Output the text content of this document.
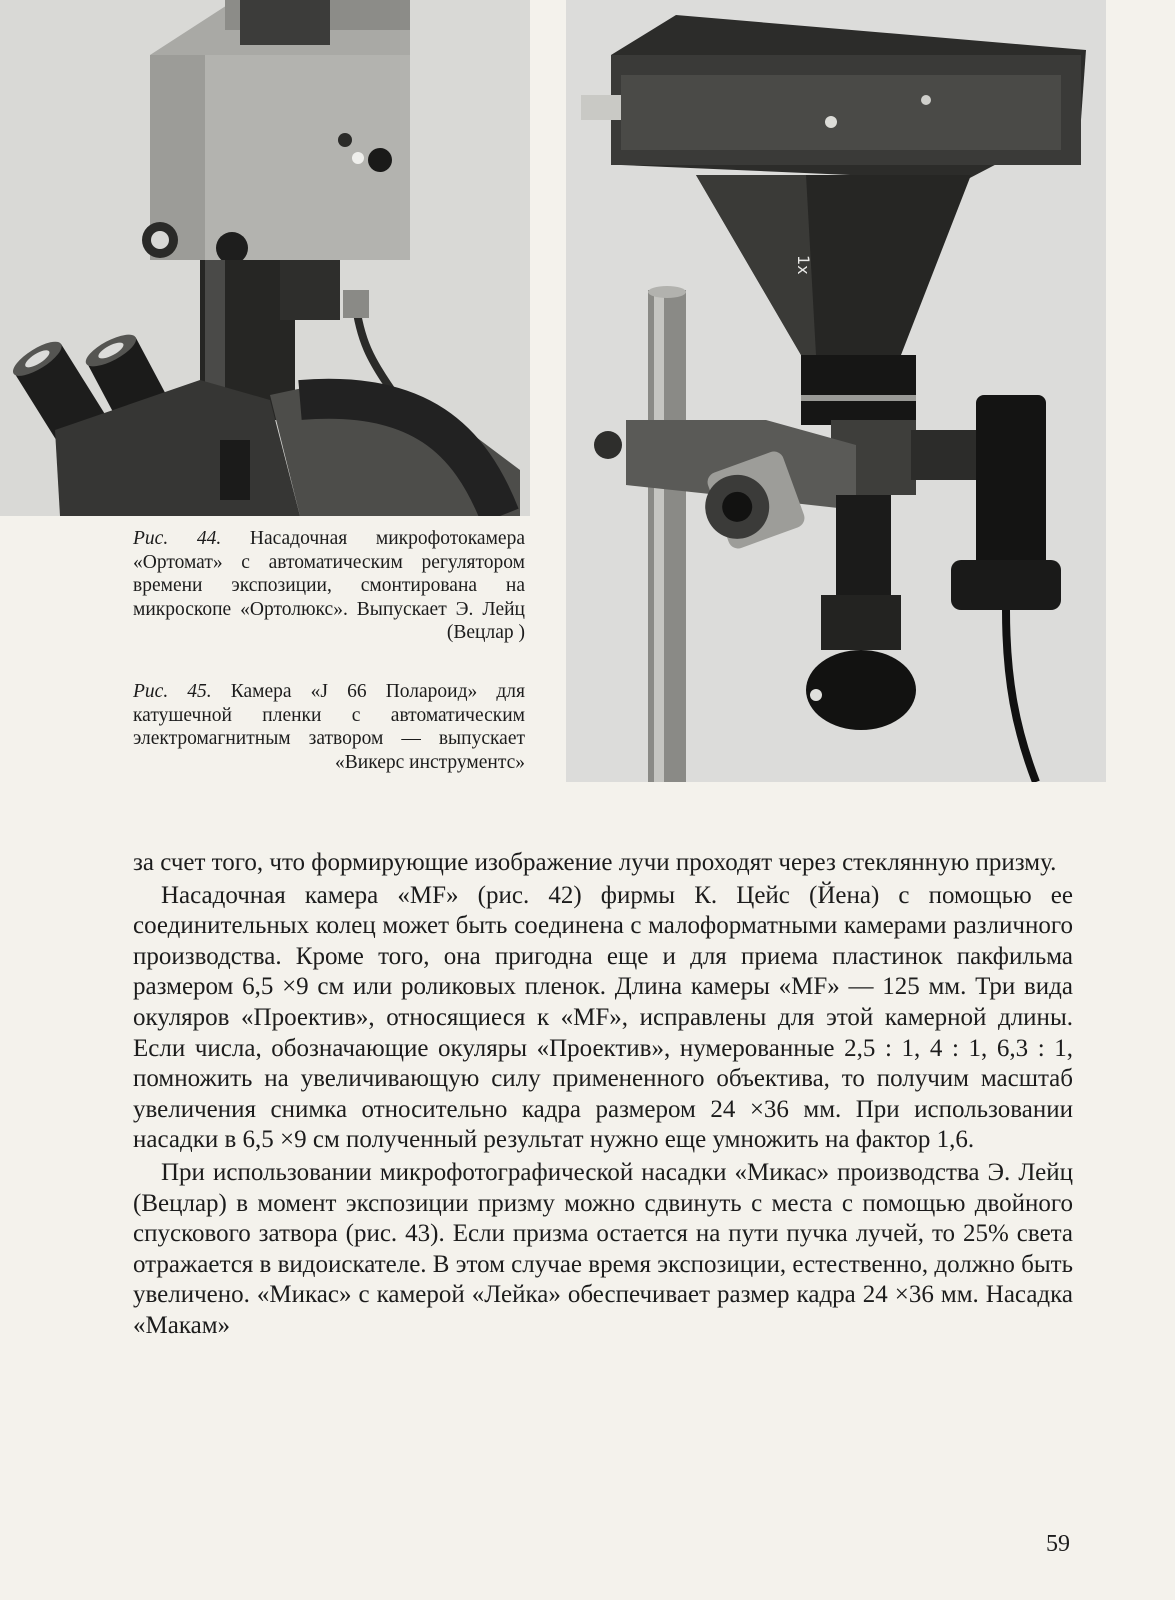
1x
Рис. 44. Насадочная микрофотокамера «Ортомат» с автоматическим регулятором времени экспозиции, смонтирована на микроскопе «Ортолюкс». Выпускает Э. Лейц (Вецлар )
Рис. 45. Камера «J 66 Полароид» для катушечной пленки с автоматическим электромагнитным затвором — выпускает «Викерс инструментс»

за счет того, что формирующие изображение лучи проходят через стеклянную призму.

Насадочная камера «MF» (рис. 42) фирмы К. Цейс (Йена) с помощью ее соединительных колец может быть соединена с малоформатными камерами различного производства. Кроме того, она пригодна еще и для приема пластинок пакфильма размером 6,5 ×9 см или роликовых пленок. Длина камеры «MF» — 125 мм. Три вида окуляров «Проектив», относящиеся к «MF», исправлены для этой камерной длины. Если числа, обозначающие окуляры «Проектив», нумерованные 2,5 : 1, 4 : 1, 6,3 : 1, помножить на увеличивающую силу примененного объектива, то получим масштаб увеличения снимка относительно кадра размером 24 ×36 мм. При использовании насадки в 6,5 ×9 см полученный результат нужно еще умножить на фактор 1,6.

При использовании микрофотографической насадки «Микас» производства Э. Лейц (Вецлар) в момент экспозиции призму можно сдвинуть с места с помощью двойного спускового затвора (рис. 43). Если призма остается на пути пучка лучей, то 25% света отражается в видоискателе. В этом случае время экспозиции, естественно, должно быть увеличено. «Микас» с камерой «Лейка» обеспечивает размер кадра 24 ×36 мм. Насадка «Макам»

59
